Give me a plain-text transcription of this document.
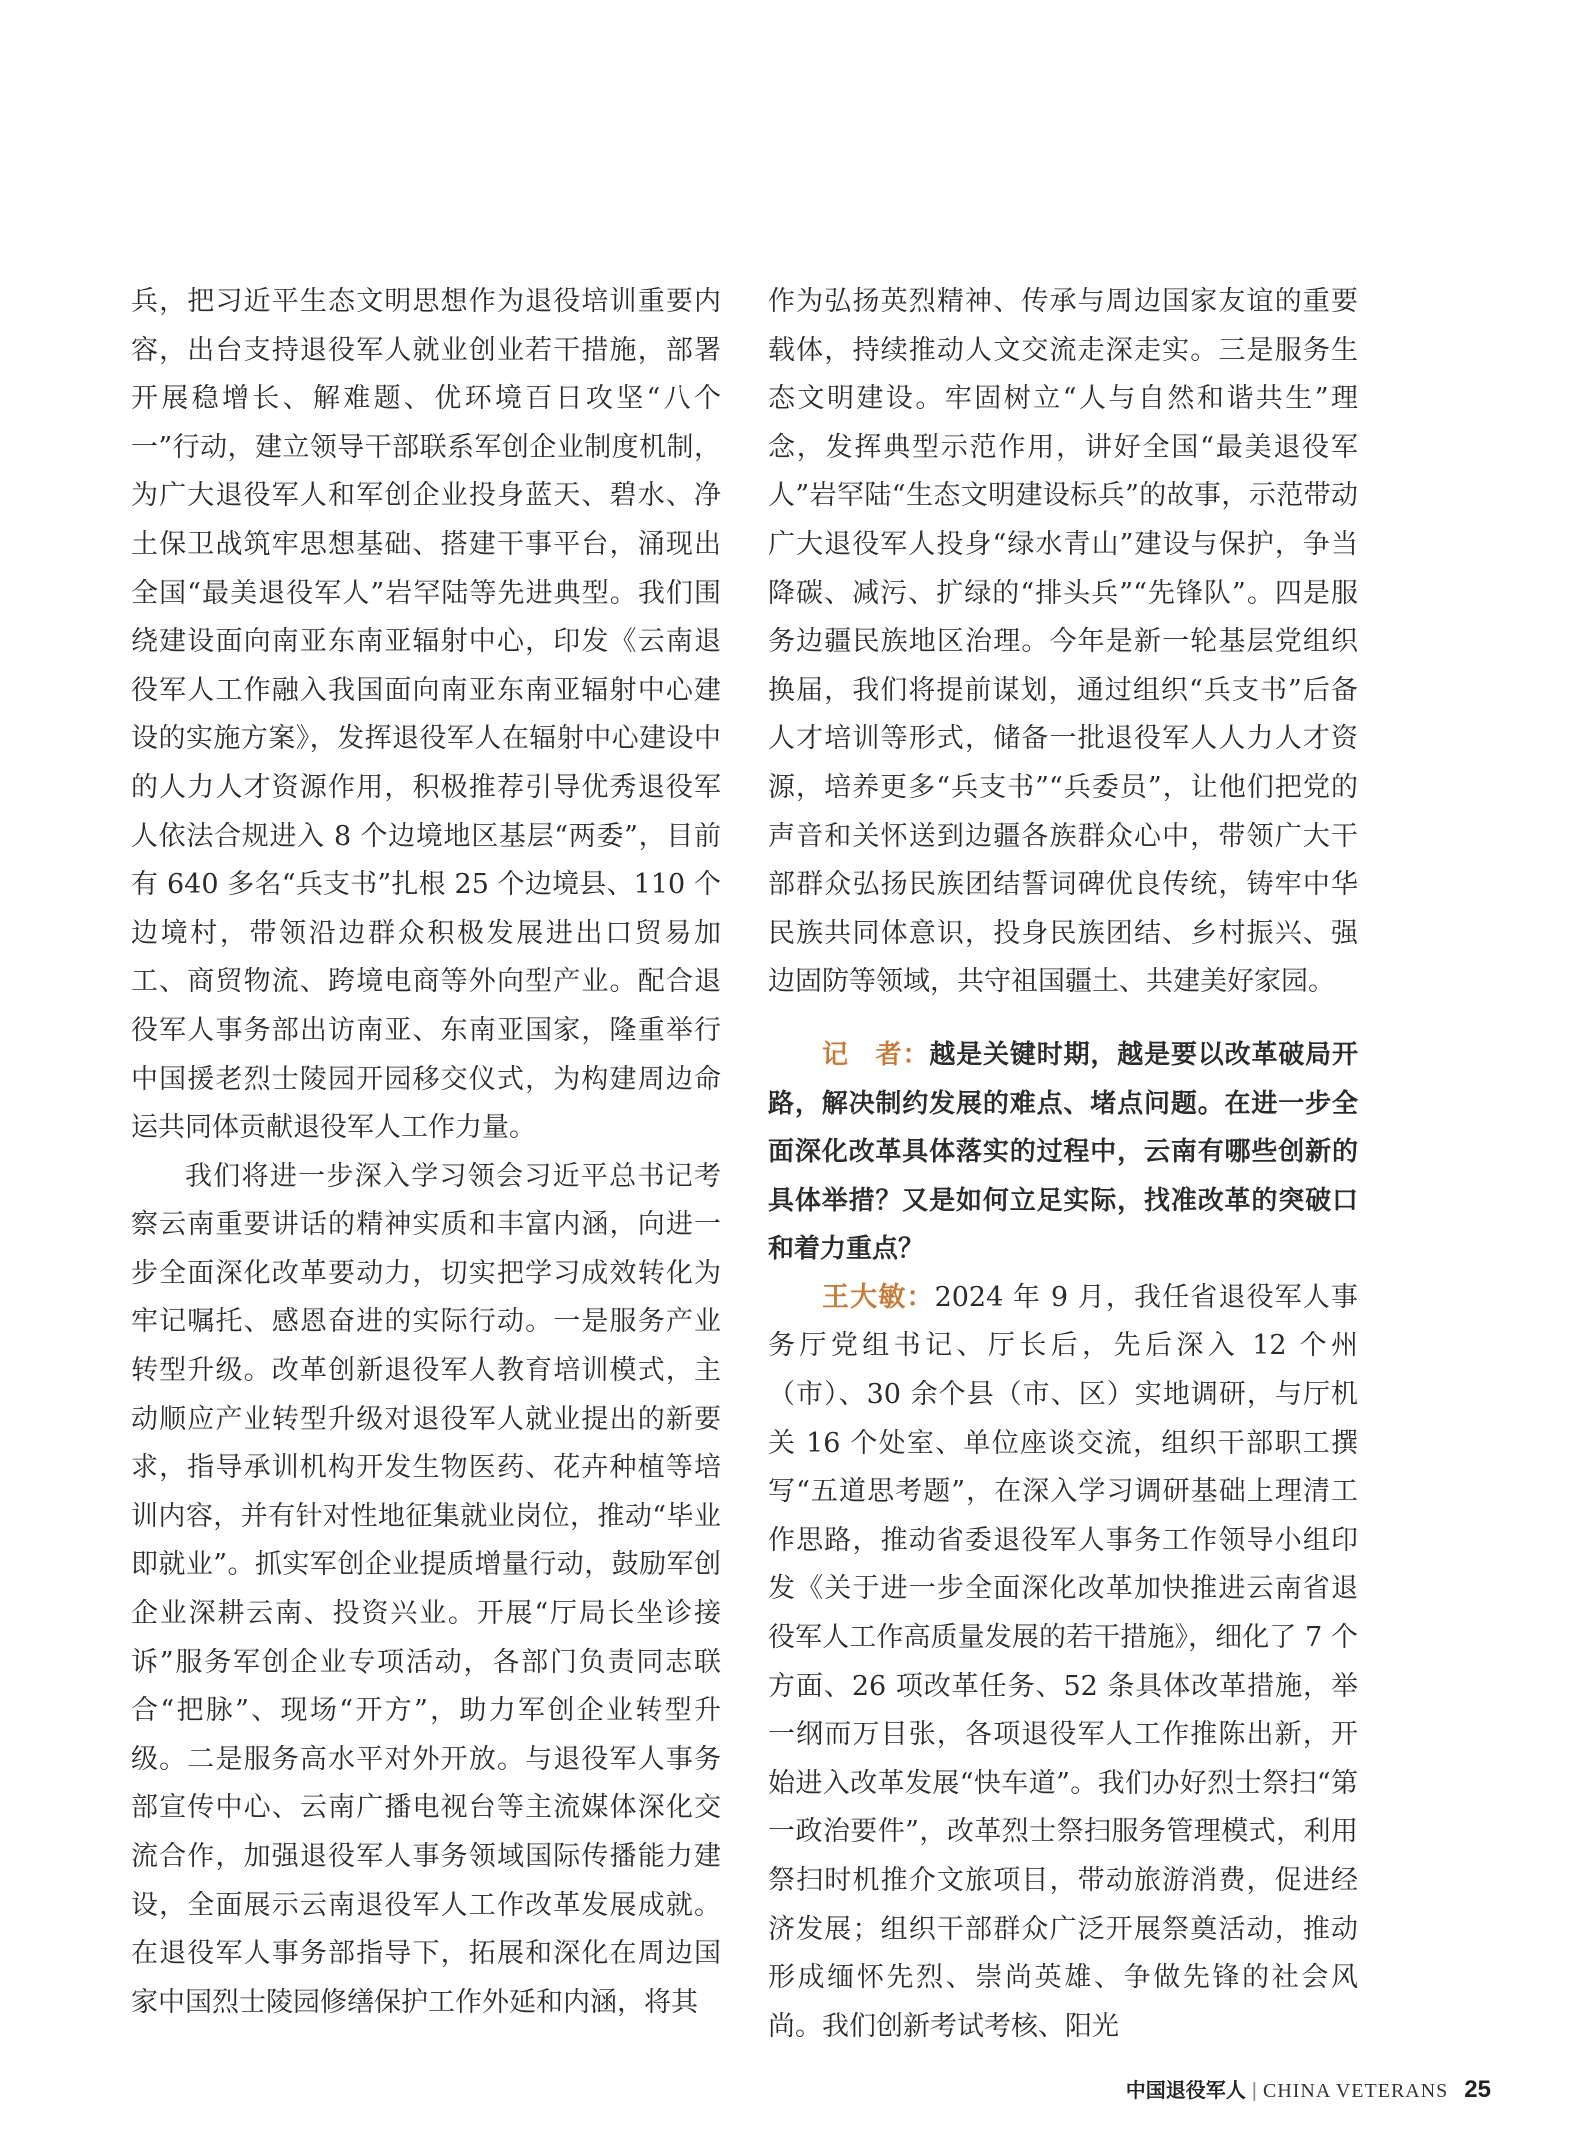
兵，把习近平生态文明思想作为退役培训重要内容，出台支持退役军人就业创业若干措施，部署开展稳增长、解难题、优环境百日攻坚“八个一”行动，建立领导干部联系军创企业制度机制，为广大退役军人和军创企业投身蓝天、碧水、净土保卫战筑牢思想基础、搭建干事平台，涌现出全国“最美退役军人”岩罕陆等先进典型。我们围绕建设面向南亚东南亚辐射中心，印发《云南退役军人工作融入我国面向南亚东南亚辐射中心建设的实施方案》，发挥退役军人在辐射中心建设中的人力人才资源作用，积极推荐引导优秀退役军人依法合规进入 8 个边境地区基层“两委”，目前有 640 多名“兵支书”扎根 25 个边境县、110 个边境村，带领沿边群众积极发展进出口贸易加工、商贸物流、跨境电商等外向型产业。配合退役军人事务部出访南亚、东南亚国家，隆重举行中国援老烈士陵园开园移交仪式，为构建周边命运共同体贡献退役军人工作力量。

我们将进一步深入学习领会习近平总书记考察云南重要讲话的精神实质和丰富内涵，向进一步全面深化改革要动力，切实把学习成效转化为牢记嘱托、感恩奋进的实际行动。一是服务产业转型升级。改革创新退役军人教育培训模式，主动顺应产业转型升级对退役军人就业提出的新要求，指导承训机构开发生物医药、花卉种植等培训内容，并有针对性地征集就业岗位，推动“毕业即就业”。抓实军创企业提质增量行动，鼓励军创企业深耕云南、投资兴业。开展“厅局长坐诊接诉”服务军创企业专项活动，各部门负责同志联合“把脉”、现场“开方”，助力军创企业转型升级。二是服务高水平对外开放。与退役军人事务部宣传中心、云南广播电视台等主流媒体深化交流合作，加强退役军人事务领域国际传播能力建设，全面展示云南退役军人工作改革发展成就。在退役军人事务部指导下，拓展和深化在周边国家中国烈士陵园修缮保护工作外延和内涵，将其

作为弘扬英烈精神、传承与周边国家友谊的重要载体，持续推动人文交流走深走实。三是服务生态文明建设。牢固树立“人与自然和谐共生”理念，发挥典型示范作用，讲好全国“最美退役军人”岩罕陆“生态文明建设标兵”的故事，示范带动广大退役军人投身“绿水青山”建设与保护，争当降碳、减污、扩绿的“排头兵”“先锋队”。四是服务边疆民族地区治理。今年是新一轮基层党组织换届，我们将提前谋划，通过组织“兵支书”后备人才培训等形式，储备一批退役军人人力人才资源，培养更多“兵支书”“兵委员”，让他们把党的声音和关怀送到边疆各族群众心中，带领广大干部群众弘扬民族团结誓词碑优良传统，铸牢中华民族共同体意识，投身民族团结、乡村振兴、强边固防等领域，共守祖国疆土、共建美好家园。

记　者：越是关键时期，越是要以改革破局开路，解决制约发展的难点、堵点问题。在进一步全面深化改革具体落实的过程中，云南有哪些创新的具体举措？又是如何立足实际，找准改革的突破口和着力重点？

王大敏：2024 年 9 月，我任省退役军人事务厅党组书记、厅长后，先后深入 12 个州（市）、30 余个县（市、区）实地调研，与厅机关 16 个处室、单位座谈交流，组织干部职工撰写“五道思考题”，在深入学习调研基础上理清工作思路，推动省委退役军人事务工作领导小组印发《关于进一步全面深化改革加快推进云南省退役军人工作高质量发展的若干措施》，细化了 7 个方面、26 项改革任务、52 条具体改革措施，举一纲而万目张，各项退役军人工作推陈出新，开始进入改革发展“快车道”。我们办好烈士祭扫“第一政治要件”，改革烈士祭扫服务管理模式，利用祭扫时机推介文旅项目，带动旅游消费，促进经济发展；组织干部群众广泛开展祭奠活动，推动形成缅怀先烈、崇尚英雄、争做先锋的社会风尚。我们创新考试考核、阳光

中国退役军人 | CHINA VETERANS 25
